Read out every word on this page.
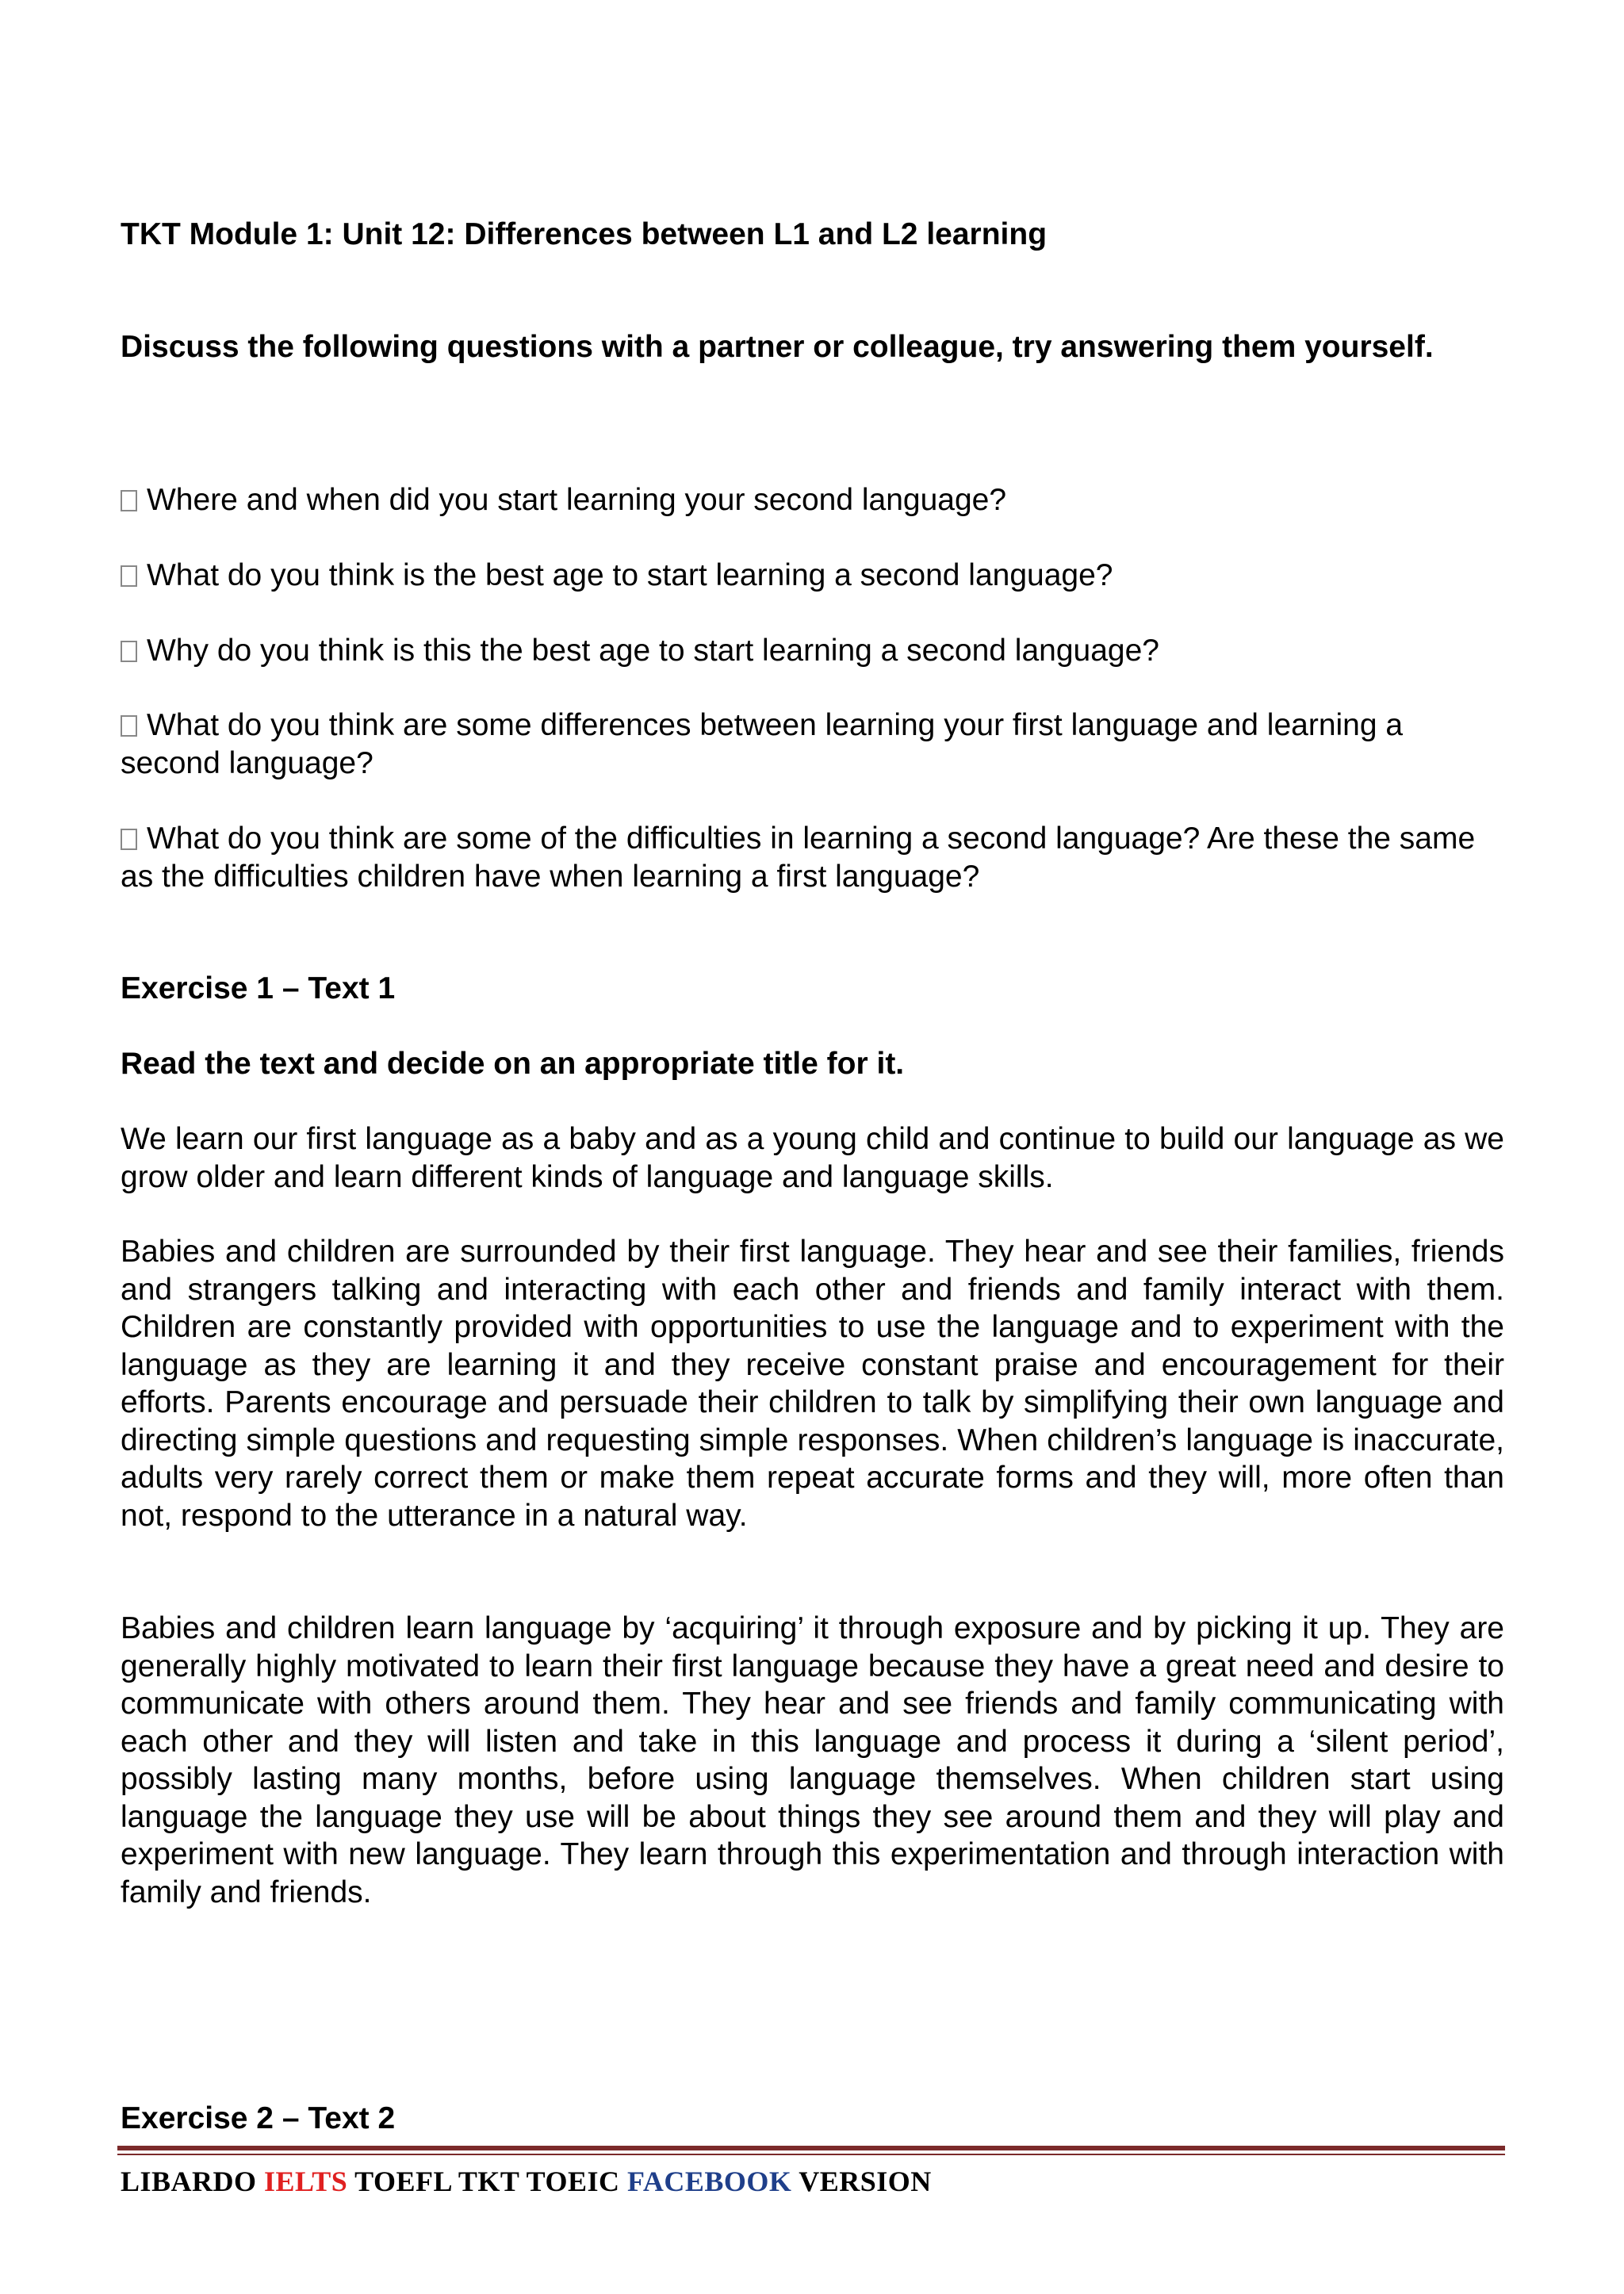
TKT Module 1: Unit 12: Differences between L1 and L2 learning

Discuss the following questions with a partner or colleague, try answering them yourself.

Where and when did you start learning your second language?

What do you think is the best age to start learning a second language?

Why do you think is this the best age to start learning a second language?

What do you think are some differences between learning your first language and learning a second language?

What do you think are some of the difficulties in learning a second language? Are these the same as the difficulties children have when learning a first language?

Exercise 1 – Text 1

Read the text and decide on an appropriate title for it.

We learn our first language as a baby and as a young child and continue to build our language as we grow older and learn different kinds of language and language skills.

Babies and children are surrounded by their first language. They hear and see their families, friends and strangers talking and interacting with each other and friends and family interact with them. Children are constantly provided with opportunities to use the language and to experiment with the language as they are learning it and they receive constant praise and encouragement for their efforts. Parents encourage and persuade their children to talk by simplifying their own language and directing simple questions and requesting simple responses. When children’s language is inaccurate, adults very rarely correct them or make them repeat accurate forms and they will, more often than not, respond to the utterance in a natural way.

Babies and children learn language by ‘acquiring’ it through exposure and by picking it up. They are generally highly motivated to learn their first language because they have a great need and desire to communicate with others around them. They hear and see friends and family communicating with each other and they will listen and take in this language and process it during a ‘silent period’, possibly lasting many months, before using language themselves. When children start using language the language they use will be about things they see around them and they will play and experiment with new language. They learn through this experimentation and through interaction with family and friends.

Exercise 2 – Text 2

LIBARDO IELTS TOEFL TKT TOEIC FACEBOOK VERSION
